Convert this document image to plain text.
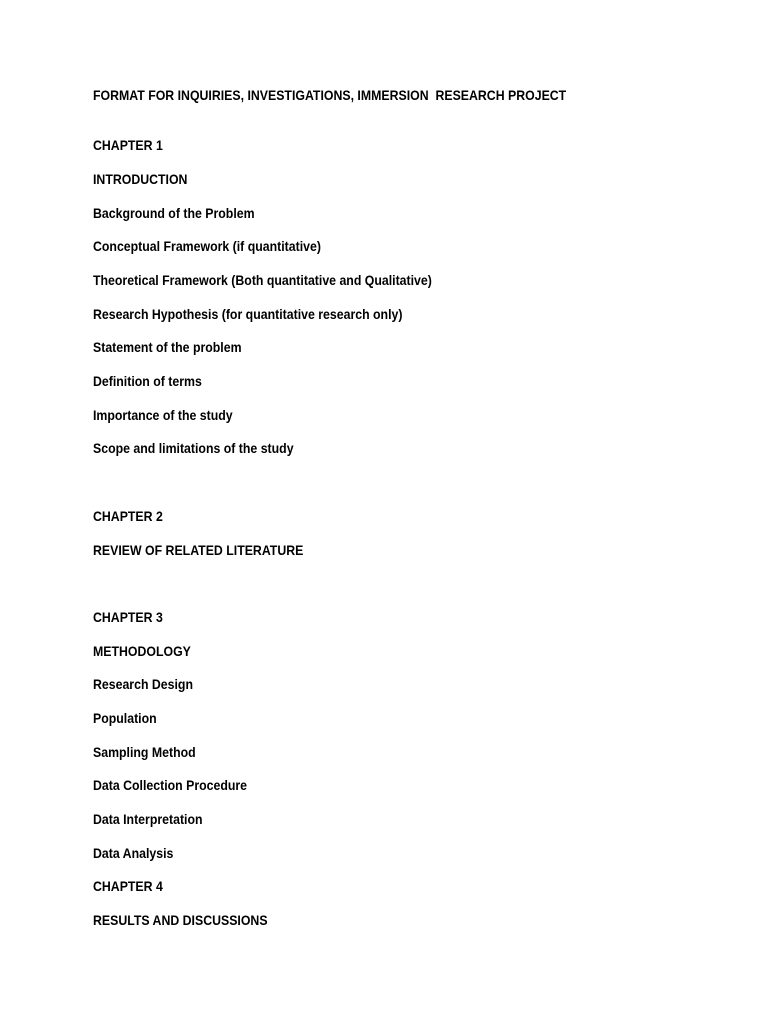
FORMAT FOR INQUIRIES, INVESTIGATIONS, IMMERSION  RESEARCH PROJECT
CHAPTER 1
INTRODUCTION
Background of the Problem
Conceptual Framework (if quantitative)
Theoretical Framework (Both quantitative and Qualitative)
Research Hypothesis (for quantitative research only)
Statement of the problem
Definition of terms
Importance of the study
Scope and limitations of the study
CHAPTER 2
REVIEW OF RELATED LITERATURE
CHAPTER 3
METHODOLOGY
Research Design
Population
Sampling Method
Data Collection Procedure
Data Interpretation
Data Analysis
CHAPTER 4
RESULTS AND DISCUSSIONS
